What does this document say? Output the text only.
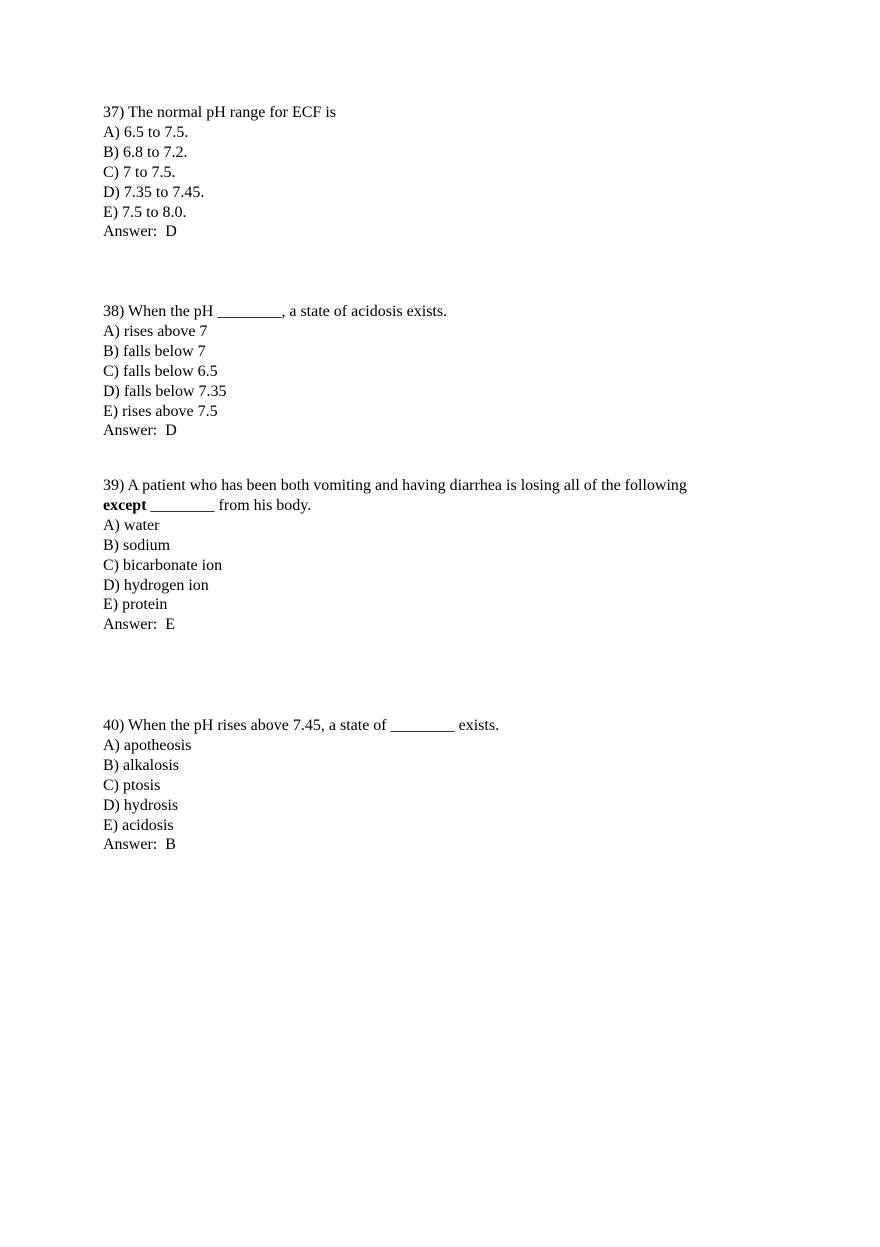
37) The normal pH range for ECF is
A) 6.5 to 7.5.
B) 6.8 to 7.2.
C) 7 to 7.5.
D) 7.35 to 7.45.
E) 7.5 to 8.0.
Answer:  D
38) When the pH ________, a state of acidosis exists.
A) rises above 7
B) falls below 7
C) falls below 6.5
D) falls below 7.35
E) rises above 7.5
Answer:  D
39) A patient who has been both vomiting and having diarrhea is losing all of the following
except ________ from his body.
A) water
B) sodium
C) bicarbonate ion
D) hydrogen ion
E) protein
Answer:  E
40) When the pH rises above 7.45, a state of ________ exists.
A) apotheosis
B) alkalosis
C) ptosis
D) hydrosis
E) acidosis
Answer:  B
